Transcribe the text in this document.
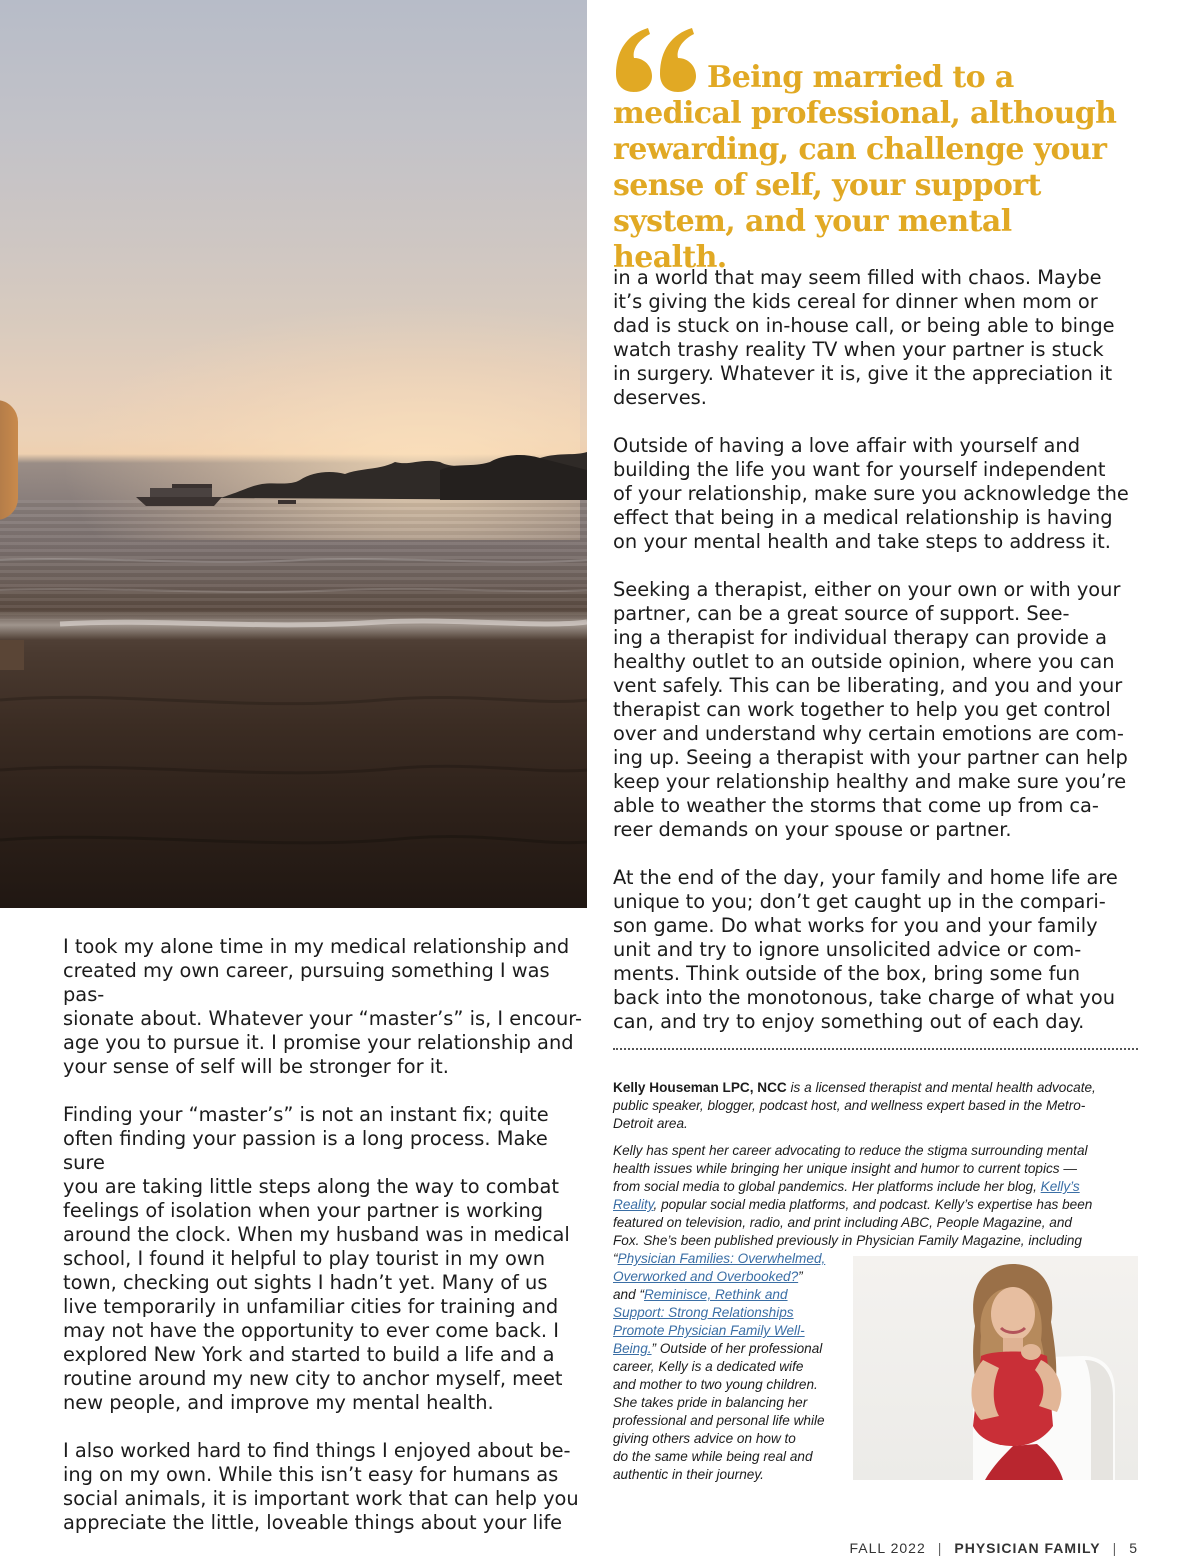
Being married to a medical professional, although rewarding, can challenge your sense of self, your support system, and your mental health.

in a world that may seem filled with chaos. Maybe
it’s giving the kids cereal for dinner when mom or
dad is stuck on in-house call, or being able to binge
watch trashy reality TV when your partner is stuck
in surgery. Whatever it is, give it the appreciation it
deserves.

Outside of having a love affair with yourself and
building the life you want for yourself independent
of your relationship, make sure you acknowledge the
effect that being in a medical relationship is having
on your mental health and take steps to address it.

Seeking a therapist, either on your own or with your
partner, can be a great source of support. See-
ing a therapist for individual therapy can provide a
healthy outlet to an outside opinion, where you can
vent safely. This can be liberating, and you and your
therapist can work together to help you get control
over and understand why certain emotions are com-
ing up. Seeing a therapist with your partner can help
keep your relationship healthy and make sure you’re
able to weather the storms that come up from ca-
reer demands on your spouse or partner.

At the end of the day, your family and home life are
unique to you; don’t get caught up in the compari-
son game. Do what works for you and your family
unit and try to ignore unsolicited advice or com-
ments. Think outside of the box, bring some fun
back into the monotonous, take charge of what you
can, and try to enjoy something out of each day.

I took my alone time in my medical relationship and
created my own career, pursuing something I was pas-
sionate about. Whatever your “master’s” is, I encour-
age you to pursue it. I promise your relationship and
your sense of self will be stronger for it.

Finding your “master’s” is not an instant fix; quite
often finding your passion is a long process. Make sure
you are taking little steps along the way to combat
feelings of isolation when your partner is working
around the clock. When my husband was in medical
school, I found it helpful to play tourist in my own
town, checking out sights I hadn’t yet. Many of us
live temporarily in unfamiliar cities for training and
may not have the opportunity to ever come back. I
explored New York and started to build a life and a
routine around my new city to anchor myself, meet
new people, and improve my mental health.

I also worked hard to find things I enjoyed about be-
ing on my own. While this isn’t easy for humans as
social animals, it is important work that can help you
appreciate the little, loveable things about your life

Kelly Houseman LPC, NCC is a licensed therapist and mental health advocate,
public speaker, blogger, podcast host, and wellness expert based in the Metro-
Detroit area.

Kelly has spent her career advocating to reduce the stigma surrounding mental
health issues while bringing her unique insight and humor to current topics —
from social media to global pandemics. Her platforms include her blog, Kelly’s
Reality, popular social media platforms, and podcast. Kelly’s expertise has been
featured on television, radio, and print including ABC, People Magazine, and
Fox. She’s been published previously in Physician Family Magazine, including

“Physician Families: Overwhelmed,
Overworked and Overbooked?”
and “Reminisce, Rethink and
Support: Strong Relationships
Promote Physician Family Well-
Being.” Outside of her professional
career, Kelly is a dedicated wife
and mother to two young children.
She takes pride in balancing her
professional and personal life while
giving others advice on how to
do the same while being real and
authentic in their journey.

FALL 2022 | PHYSICIAN FAMILY | 5
